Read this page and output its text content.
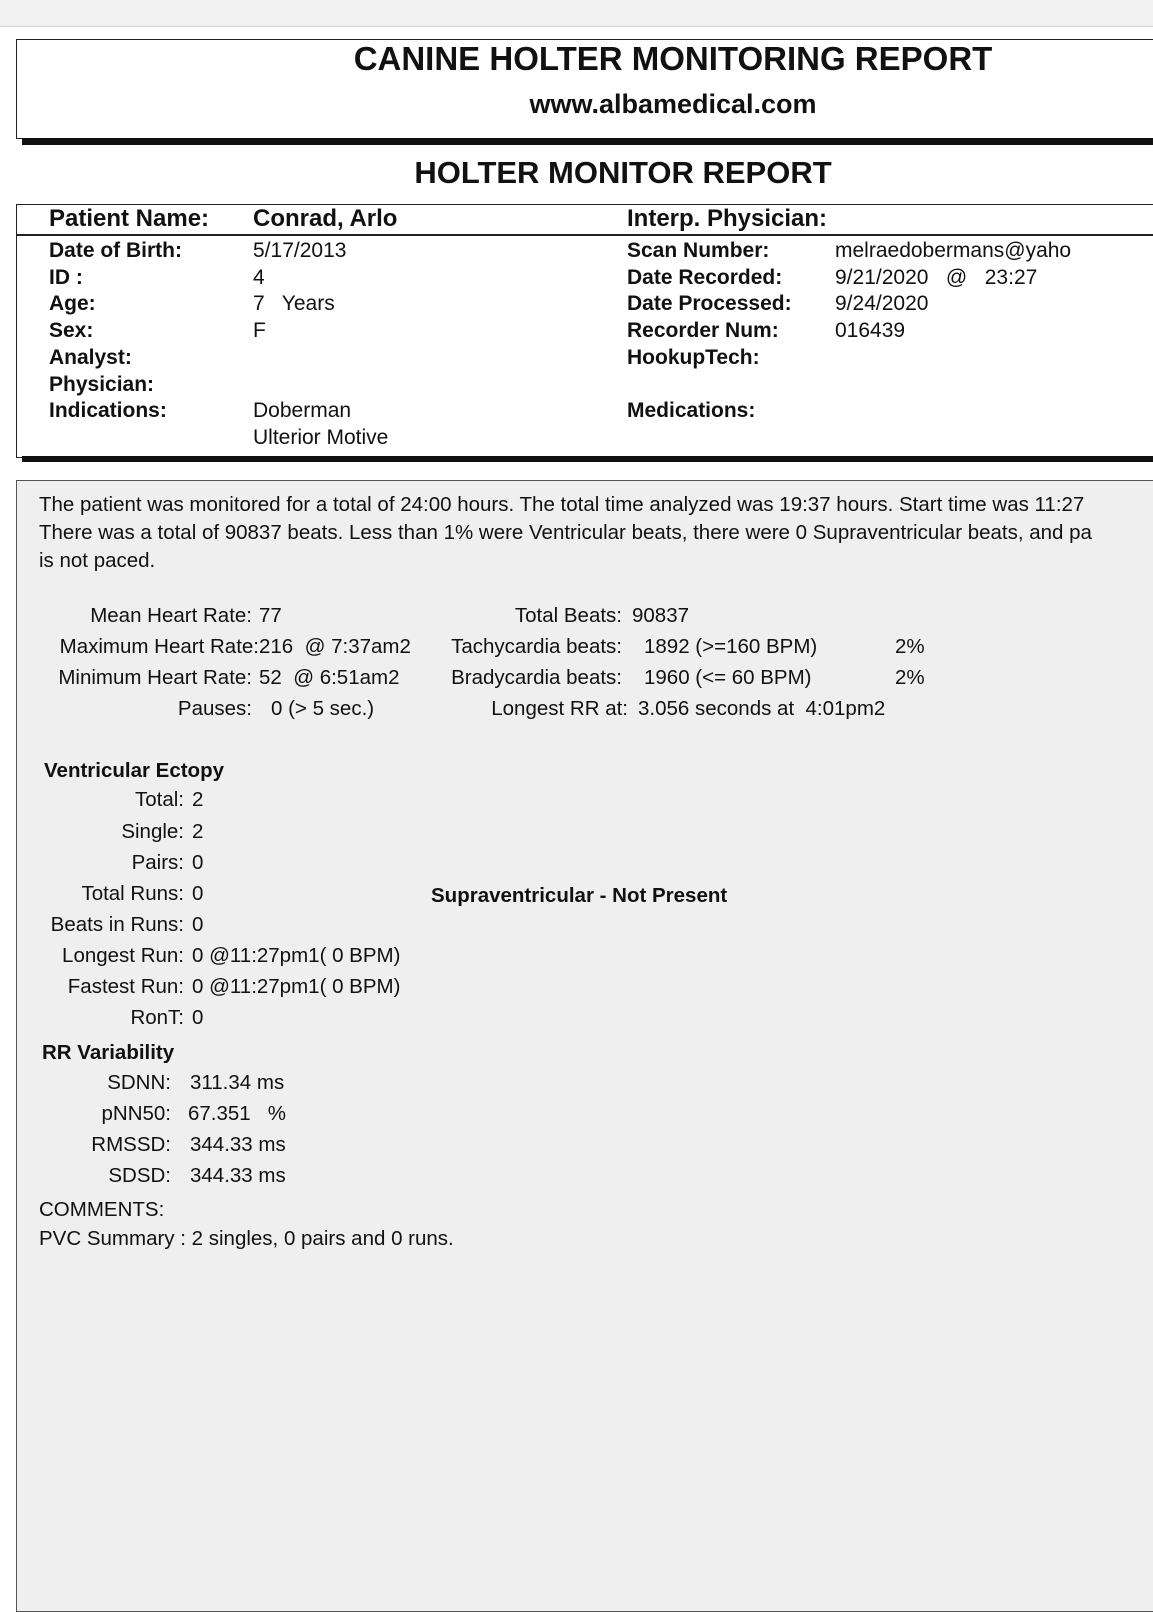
CANINE HOLTER MONITORING REPORT
www.albamedical.com
HOLTER MONITOR REPORT
Patient Name: Conrad, Arlo	Interp. Physician:
Date of Birth:	5/17/2013
ID :	4
Age:	7   Years
Sex:	F
Analyst:
Physician:
Indications:	Doberman
Ulterior Motive
Scan Number:	melraedobermans@yaho
Date Recorded:	9/21/2020   @   23:27
Date Processed: 9/24/2020
Recorder Num:	016439
HookupTech:
Medications:

The patient was monitored for a total of 24:00 hours. The total time analyzed was 19:37 hours. Start time was 11:27

There was a total of 90837 beats. Less than 1% were Ventricular beats, there were 0 Supraventricular beats, and pa

is not paced.

Mean Heart Rate: 77
Maximum Heart Rate: 216  @ 7:37am2
Minimum Heart Rate: 52  @ 6:51am2
Pauses: 0 (> 5 sec.)
Total Beats: 90837
Tachycardia beats: 1892 (>=160 BPM)	2%
Bradycardia beats: 1960 (<= 60 BPM)	2%
Longest RR at: 3.056 seconds at  4:01pm2
Ventricular Ectopy
Total: 2
Single: 2
Pairs: 0
Total Runs: 0
Beats in Runs: 0
Longest Run: 0 @11:27pm1( 0 BPM)
Fastest Run: 0 @11:27pm1( 0 BPM)
RonT: 0
Supraventricular - Not Present
RR Variability
SDNN: 311.34 ms
pNN50: 67.351   %
RMSSD: 344.33 ms
SDSD: 344.33 ms
COMMENTS:
PVC Summary : 2 singles, 0 pairs and 0 runs.
